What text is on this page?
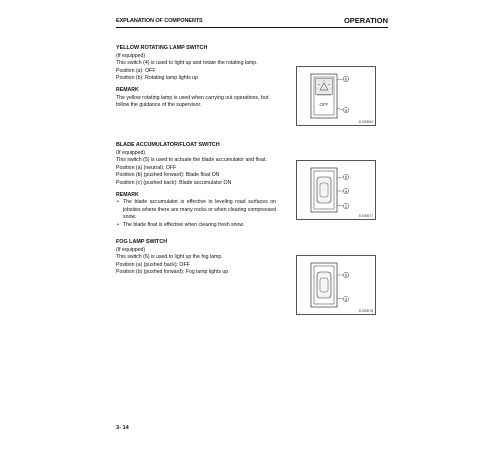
EXPLANATION OF COMPONENTS	OPERATION

YELLOW ROTATING LAMP SWITCH

(If equipped)

This switch (4) is used to light up and rotate the rotating lamp.

Position (a): OFF

Position (b): Rotating lamp lights up

REMARK

The yellow rotating lamp is used when carrying out operations, but follow the guidance of the supervisor.	OFF
b
a
EJ09D54

BLADE ACCUMULATOR/FLOAT SWITCH

(If equipped)

This switch (5) is used to actuate the blade accumulator and float.

Position (a) (neutral): OFF

Position (b) (pushed forward): Blade float ON

Position (c) (pushed back): Blade accumulator ON

REMARK

• The blade accumulator is effective in leveling road surfaces on jobsites where there are many rocks or when clearing compressed snow.
• The blade float is effective when clearing fresh snow.
b
a
c
EJ09D77

FOG LAMP SWITCH

(If equipped)

This switch (6) is used to light up the fog lamp.

Position (a) (pushed back): OFF

Position (b) (pushed forward): Fog lamp lights up	b
a
EJ09D78
3- 14
